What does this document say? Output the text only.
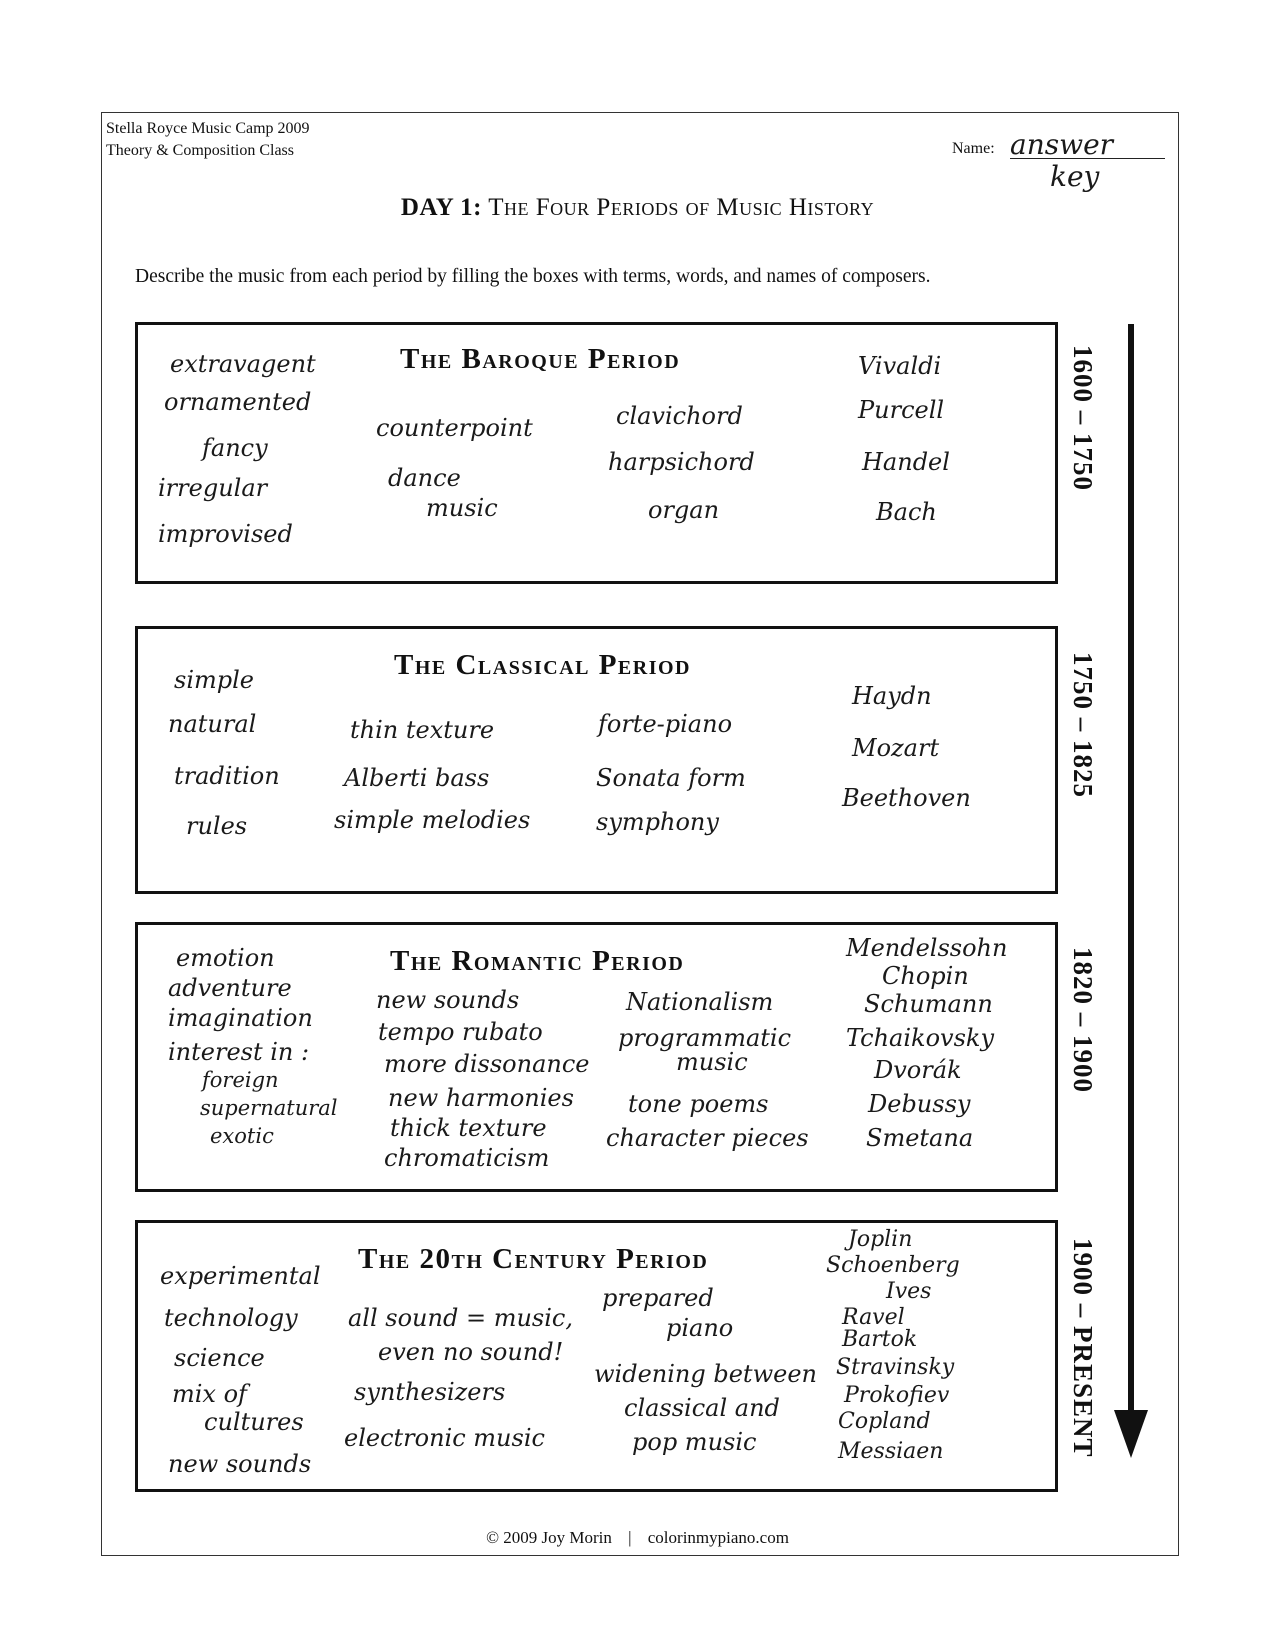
Stella Royce Music Camp 2009
Theory & Composition Class	Name: answer
key
DAY 1: The Four Periods of Music History
Describe the music from each period by filling the boxes with terms, words, and names of composers.
The Baroque Period
extravagent
ornamented
fancy
irregular
improvised
counterpoint
dance
music
clavichord
harpsichord
organ
Vivaldi
Purcell
Handel
Bach
1600 – 1750
The Classical Period
simple
natural
tradition
rules
thin texture
Alberti bass
simple melodies
forte-piano
Sonata form
symphony
Haydn
Mozart
Beethoven	1750 – 1825
The Romantic Period
emotion
adventure
imagination
interest in :
foreign
supernatural
exotic
new sounds
tempo rubato
more dissonance
new harmonies
thick texture
chromaticism
Nationalism
programmatic
music
tone poems
character pieces
Mendelssohn
Chopin
Schumann
Tchaikovsky
Dvorák
Debussy
Smetana
1820 – 1900
The 20th Century Period
experimental
technology
science
mix of
cultures
new sounds
all sound = music,
even no sound!
synthesizers
electronic music
prepared
piano
widening between
classical and
pop music
Joplin
Schoenberg
Ives
Ravel
Bartok
Stravinsky
Prokofiev
Copland
Messiaen	1900 – PRESENT
© 2009 Joy Morin | colorinmypiano.com
